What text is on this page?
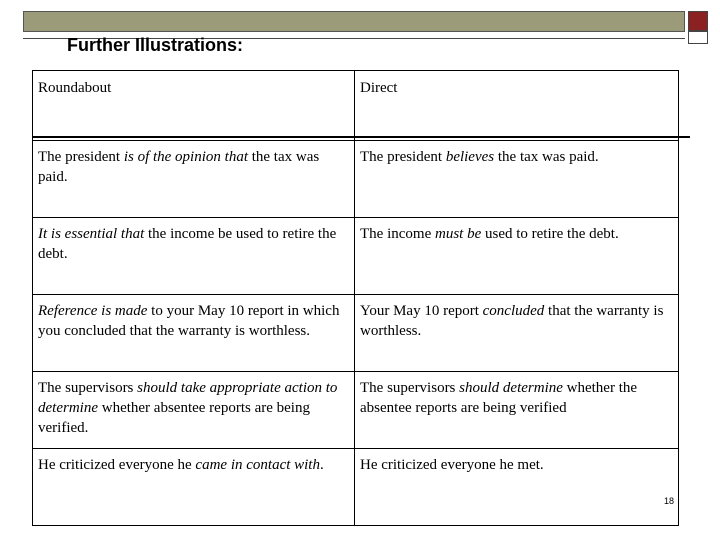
Further Illustrations:
Roundabout	Direct
The president is of the opinion that the tax was paid.	The president believes the tax was paid.
It is essential that the income be used to retire the debt.	The income must be used to retire the debt.
Reference is made to your May 10 report in which you concluded that the warranty is worthless.	Your May 10 report concluded that the warranty is worthless.
The supervisors should take appropriate action to determine whether absentee reports are being verified.	The supervisors should determine whether the absentee reports are being verified
He criticized everyone he came in contact with.	He criticized everyone he met.
18
